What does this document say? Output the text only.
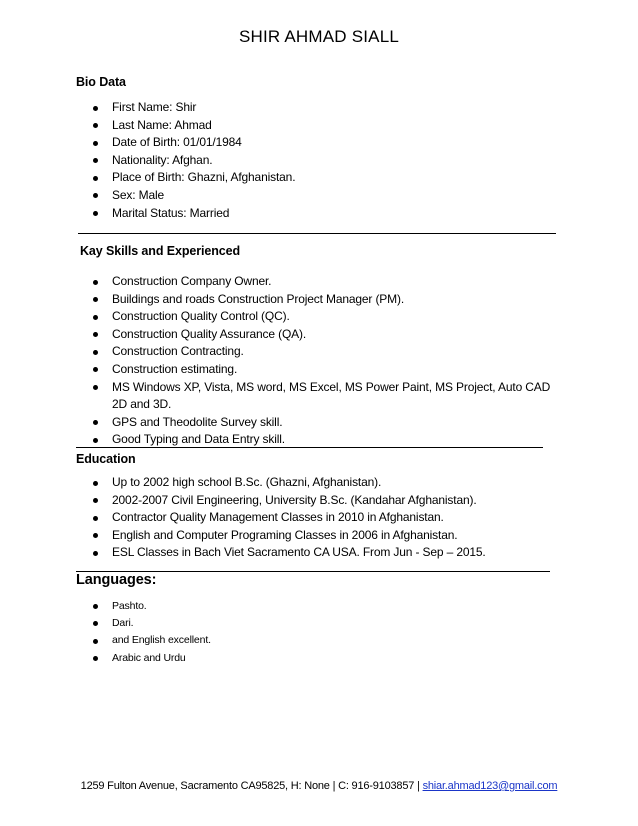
SHIR AHMAD SIALL
Bio Data
First Name: Shir
Last Name: Ahmad
Date of Birth: 01/01/1984
Nationality: Afghan.
Place of Birth: Ghazni, Afghanistan.
Sex: Male
Marital Status: Married
Kay Skills and Experienced
Construction Company Owner.
Buildings and roads Construction Project Manager (PM).
Construction Quality Control (QC).
Construction Quality Assurance (QA).
Construction Contracting.
Construction estimating.
MS Windows XP, Vista, MS word, MS Excel, MS Power Paint, MS Project, Auto CAD 2D and 3D.
GPS and Theodolite Survey skill.
Good Typing and Data Entry skill.
Education
Up to 2002 high school B.Sc. (Ghazni, Afghanistan).
2002-2007 Civil Engineering, University B.Sc. (Kandahar Afghanistan).
Contractor Quality Management Classes in 2010 in Afghanistan.
English and Computer Programing Classes in 2006 in Afghanistan.
ESL Classes in Bach Viet Sacramento CA USA. From Jun - Sep – 2015.
Languages:
Pashto.
Dari.
and English excellent.
Arabic and Urdu
1259 Fulton Avenue, Sacramento CA95825, H: None | C: 916-9103857 | shiar.ahmad123@gmail.com
